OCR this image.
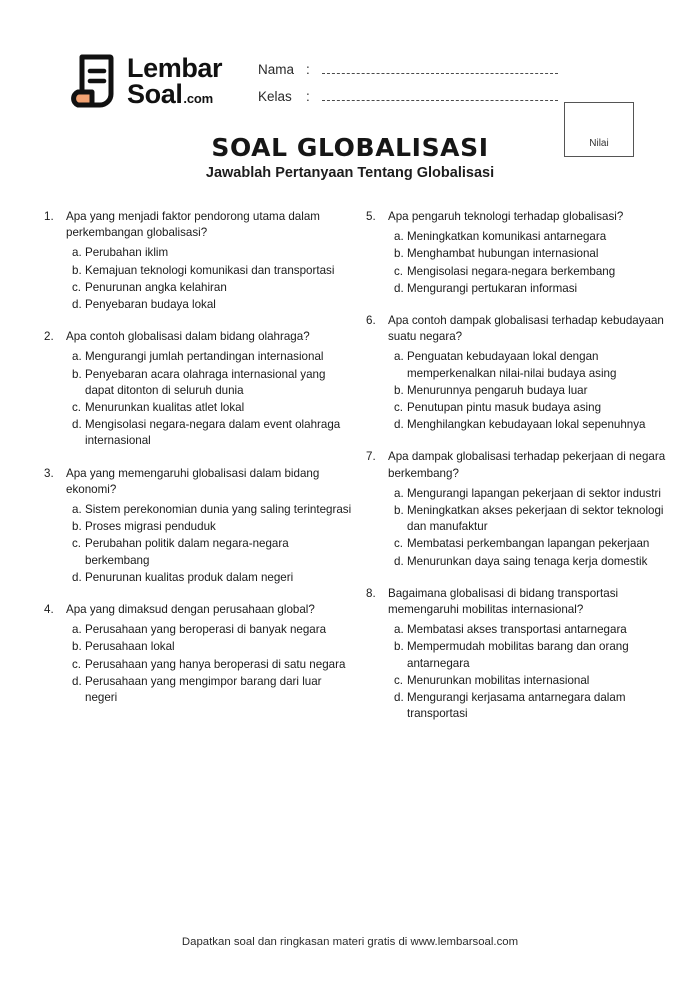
Lembar
Soal .com
Nama :
Kelas	:
Nilai
SOAL GLOBALISASI
Jawablah Pertanyaan Tentang Globalisasi
1.	Apa yang menjadi faktor pendorong utama dalam perkembangan globalisasi?
a. Perubahan iklim
b. Kemajuan teknologi komunikasi dan transportasi
c. Penurunan angka kelahiran
d. Penyebaran budaya lokal
2.	Apa contoh globalisasi dalam bidang olahraga?
a. Mengurangi jumlah pertandingan internasional
b. Penyebaran acara olahraga internasional yang dapat ditonton di seluruh dunia
c. Menurunkan kualitas atlet lokal
d. Mengisolasi negara-negara dalam event olahraga internasional
3.	Apa yang memengaruhi globalisasi dalam bidang ekonomi?
a. Sistem perekonomian dunia yang saling terintegrasi
b. Proses migrasi penduduk
c. Perubahan politik dalam negara-negara berkembang
d. Penurunan kualitas produk dalam negeri
4.	Apa yang dimaksud dengan perusahaan global?
a. Perusahaan yang beroperasi di banyak negara
b. Perusahaan lokal
c. Perusahaan yang hanya beroperasi di satu negara
d. Perusahaan yang mengimpor barang dari luar negeri
5.	Apa pengaruh teknologi terhadap globalisasi?
a. Meningkatkan komunikasi antarnegara
b. Menghambat hubungan internasional
c. Mengisolasi negara-negara berkembang
d. Mengurangi pertukaran informasi
6.	Apa contoh dampak globalisasi terhadap kebudayaan suatu negara?
a. Penguatan kebudayaan lokal dengan memperkenalkan nilai-nilai budaya asing
b. Menurunnya pengaruh budaya luar
c. Penutupan pintu masuk budaya asing
d. Menghilangkan kebudayaan lokal sepenuhnya
7.	Apa dampak globalisasi terhadap pekerjaan di negara berkembang?
a. Mengurangi lapangan pekerjaan di sektor industri
b. Meningkatkan akses pekerjaan di sektor teknologi dan manufaktur
c. Membatasi perkembangan lapangan pekerjaan
d. Menurunkan daya saing tenaga kerja domestik
8.	Bagaimana globalisasi di bidang transportasi memengaruhi mobilitas internasional?
a. Membatasi akses transportasi antarnegara
b. Mempermudah mobilitas barang dan orang antarnegara
c. Menurunkan mobilitas internasional
d. Mengurangi kerjasama antarnegara dalam transportasi
Dapatkan soal dan ringkasan materi gratis di www.lembarsoal.com
